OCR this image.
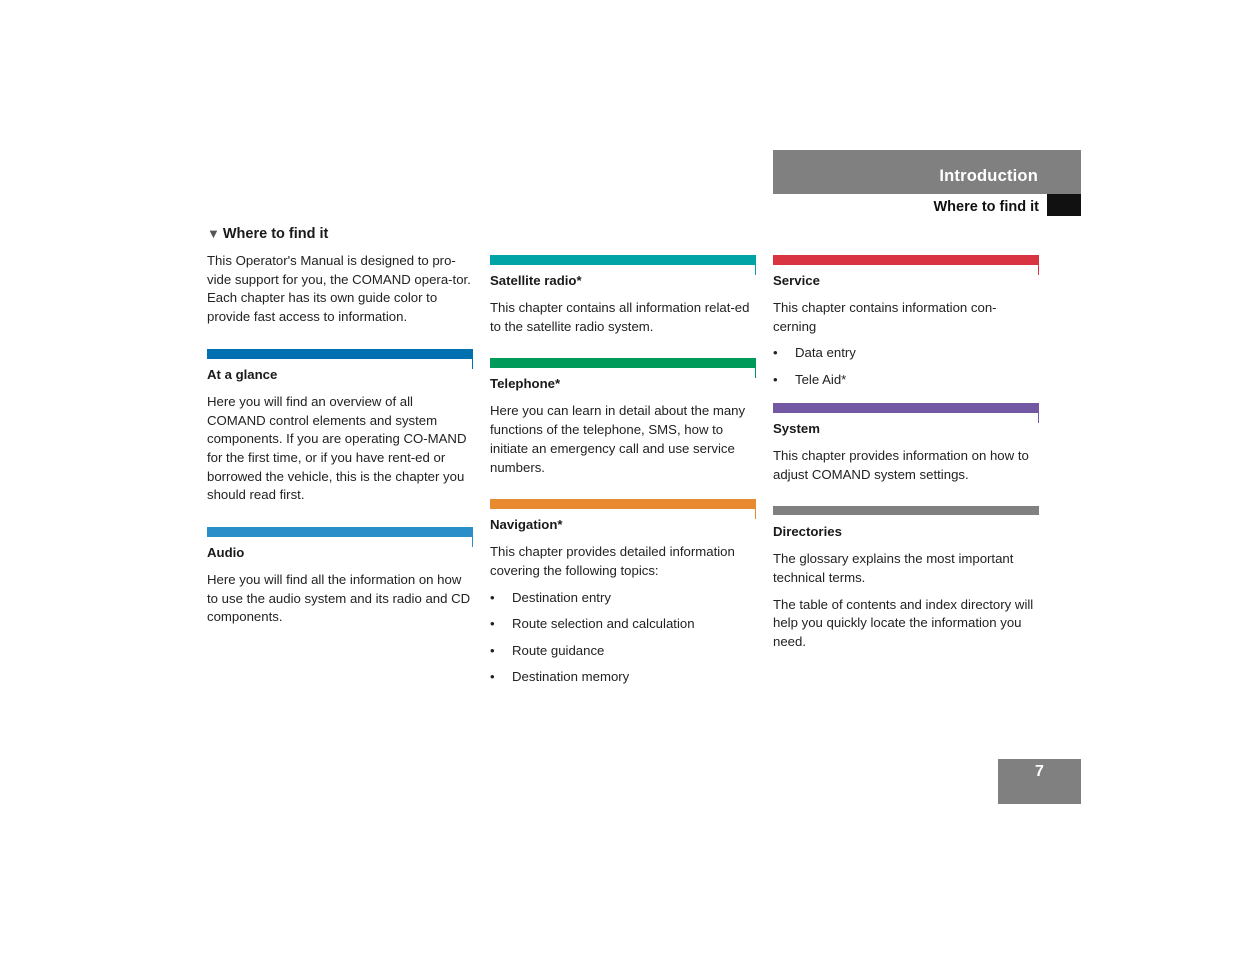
Introduction
Where to find it
▼ Where to find it

This Operator's Manual is designed to pro-vide support for you, the COMAND opera-tor. Each chapter has its own guide color to provide fast access to information.

At a glance

Here you will find an overview of all COMAND control elements and system components. If you are operating CO-MAND for the first time, or if you have rent-ed or borrowed the vehicle, this is the chapter you should read first.

Audio

Here you will find all the information on how to use the audio system and its radio and CD components.

Satellite radio*

This chapter contains all information relat-ed to the satellite radio system.

Telephone*

Here you can learn in detail about the many functions of the telephone, SMS, how to initiate an emergency call and use service numbers.

Navigation*

This chapter provides detailed information covering the following topics:

• Destination entry
• Route selection and calculation
• Route guidance
• Destination memory
Service

This chapter contains information con-cerning

• Data entry
• Tele Aid*
System

This chapter provides information on how to adjust COMAND system settings.

Directories

The glossary explains the most important technical terms.

The table of contents and index directory will help you quickly locate the information you need.

7
